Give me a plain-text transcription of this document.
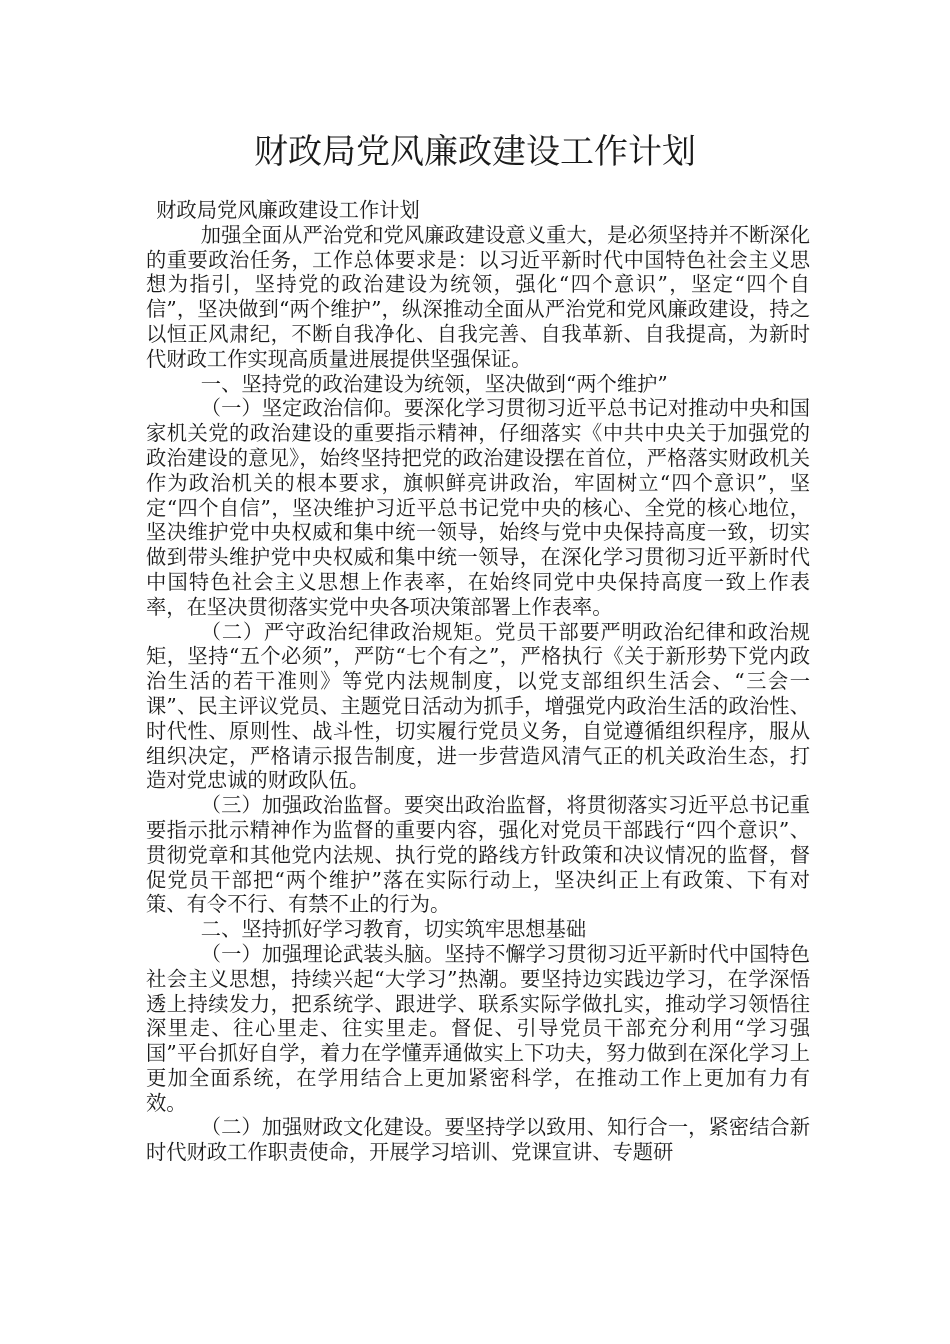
财政局党风廉政建设工作计划

财政局党风廉政建设工作计划

加强全面从严治党和党风廉政建设意义重大，是必须坚持并不断深化的重要政治任务，工作总体要求是：以习近平新时代中国特色社会主义思想为指引，坚持党的政治建设为统领，强化“四个意识”，坚定“四个自信”，坚决做到“两个维护”，纵深推动全面从严治党和党风廉政建设，持之以恒正风肃纪，不断自我净化、自我完善、自我革新、自我提高，为新时代财政工作实现高质量进展提供坚强保证。

一、坚持党的政治建设为统领，坚决做到“两个维护”

（一）坚定政治信仰。要深化学习贯彻习近平总书记对推动中央和国家机关党的政治建设的重要指示精神，仔细落实《中共中央关于加强党的政治建设的意见》，始终坚持把党的政治建设摆在首位，严格落实财政机关作为政治机关的根本要求，旗帜鲜亮讲政治，牢固树立“四个意识”，坚定“四个自信”，坚决维护习近平总书记党中央的核心、全党的核心地位，坚决维护党中央权威和集中统一领导，始终与党中央保持高度一致，切实做到带头维护党中央权威和集中统一领导，在深化学习贯彻习近平新时代中国特色社会主义思想上作表率，在始终同党中央保持高度一致上作表率，在坚决贯彻落实党中央各项决策部署上作表率。

（二）严守政治纪律政治规矩。党员干部要严明政治纪律和政治规矩，坚持“五个必须”，严防“七个有之”，严格执行《关于新形势下党内政治生活的若干准则》等党内法规制度，以党支部组织生活会、“三会一课”、民主评议党员、主题党日活动为抓手，增强党内政治生活的政治性、时代性、原则性、战斗性，切实履行党员义务，自觉遵循组织程序，服从组织决定，严格请示报告制度，进一步营造风清气正的机关政治生态，打造对党忠诚的财政队伍。

（三）加强政治监督。要突出政治监督，将贯彻落实习近平总书记重要指示批示精神作为监督的重要内容，强化对党员干部践行“四个意识”、贯彻党章和其他党内法规、执行党的路线方针政策和决议情况的监督，督促党员干部把“两个维护”落在实际行动上，坚决纠正上有政策、下有对策、有令不行、有禁不止的行为。

二、坚持抓好学习教育，切实筑牢思想基础

（一）加强理论武装头脑。坚持不懈学习贯彻习近平新时代中国特色社会主义思想，持续兴起“大学习”热潮。要坚持边实践边学习，在学深悟透上持续发力，把系统学、跟进学、联系实际学做扎实，推动学习领悟往深里走、往心里走、往实里走。督促、引导党员干部充分利用“学习强国”平台抓好自学，着力在学懂弄通做实上下功夫，努力做到在深化学习上更加全面系统，在学用结合上更加紧密科学，在推动工作上更加有力有效。

（二）加强财政文化建设。要坚持学以致用、知行合一，紧密结合新时代财政工作职责使命，开展学习培训、党课宣讲、专题研
